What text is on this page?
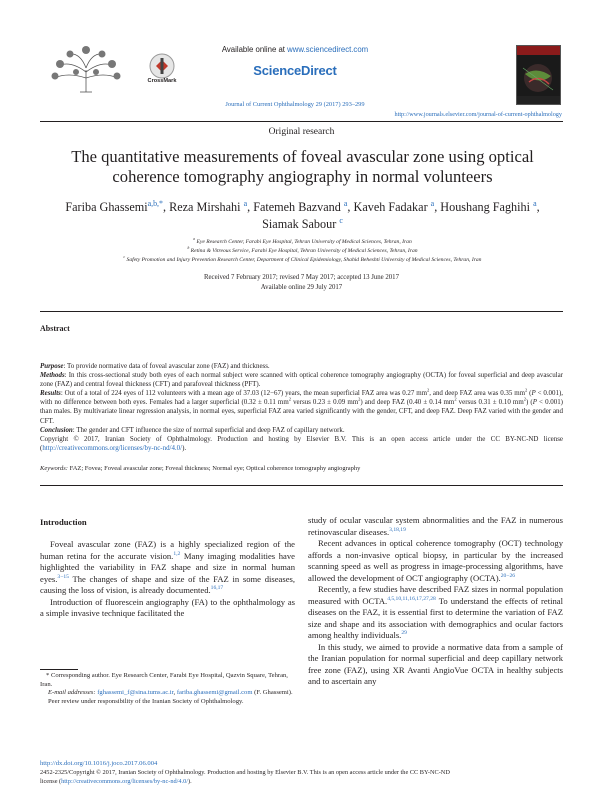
CrossMark
Available online at www.sciencedirect.com
ScienceDirect
Journal of Current Ophthalmology 29 (2017) 293–299
http://www.journals.elsevier.com/journal-of-current-ophthalmology
Original research
The quantitative measurements of foveal avascular zone using optical coherence tomography angiography in normal volunteers
Fariba Ghassemi$^{a,b,*}$, Reza Mirshahi $^a$, Fatemeh Bazvand $^a$, Kaveh Fadakar $^a$, Houshang Faghihi $^a$,
Siamak Sabour $^c$
$^a$ Eye Research Center, Farabi Eye Hospital, Tehran University of Medical Sciences, Tehran, Iran
$^b$ Retina & Vitreous Service, Farabi Eye Hospital, Tehran University of Medical Sciences, Tehran, Iran
$^c$ Safety Promotion and Injury Prevention Research Center, Department of Clinical Epidemiology, Shahid Beheshti University of Medical Sciences, Tehran, Iran
Received 7 February 2017; revised 7 May 2017; accepted 13 June 2017
Available online 29 July 2017
Abstract

Purpose: To provide normative data of foveal avascular zone (FAZ) and thickness.

Methods: In this cross-sectional study both eyes of each normal subject were scanned with optical coherence tomography angiography (OCTA) for foveal superficial and deep avascular zone (FAZ) and central foveal thickness (CFT) and parafoveal thickness (PFT).

Results: Out of a total of 224 eyes of 112 volunteers with a mean age of 37.03 (12−67) years, the mean superficial FAZ area was 0.27 $mm^2$, and deep FAZ area was 0.35 $mm^2$ (P < 0.001), with no difference between both eyes. Females had a larger superficial (0.32 ± 0.11 $mm^2$ versus 0.23 ± 0.09 $mm^2$) and deep FAZ (0.40 ± 0.14 $mm^2$ versus 0.31 ± 0.10 $mm^2$) (P < 0.001) than males. By multivariate linear regression analysis, in normal eyes, superficial FAZ area varied significantly with the gender, CFT, and deep FAZ. Deep FAZ varied with the gender and CFT.

Conclusion: The gender and CFT influence the size of normal superficial and deep FAZ of capillary network.

Copyright © 2017, Iranian Society of Ophthalmology. Production and hosting by Elsevier B.V. This is an open access article under the CC BY-NC-ND license (http://creativecommons.org/licenses/by-nc-nd/4.0/).

Keywords: FAZ; Fovea; Foveal avascular zone; Foveal thickness; Normal eye; Optical coherence tomography angiography
Introduction

Foveal avascular zone (FAZ) is a highly specialized region of the human retina for the accurate vision.$^{1,2}$ Many imaging modalities have highlighted the variability in FAZ shape and size in normal human eyes.$^{3-15}$ The changes of shape and size of the FAZ in some diseases, causing the loss of vision, is already documented.$^{16,17}$

Introduction of fluorescein angiography (FA) to the ophthalmology as a simple invasive technique facilitated the

* Corresponding author. Eye Research Center, Farabi Eye Hospital, Qazvin Square, Tehran, Iran.
E-mail addresses: fghassemi_f@sina.tums.ac.ir, fariba.ghassemi@gmail.com (F. Ghassemi).
Peer review under responsibility of the Iranian Society of Ophthalmology.

study of ocular vascular system abnormalities and the FAZ in numerous retinovascular diseases.$^{3,18,19}$

Recent advances in optical coherence tomography (OCT) technology affords a non-invasive optical biopsy, in particular by the increased scanning speed as well as progress in image-processing algorithms, have allowed the development of OCT angiography (OCTA).$^{20-26}$

Recently, a few studies have described FAZ sizes in normal population measured with OCTA.$^{4,5,10,11,16,17,27,28}$ To understand the effects of retinal diseases on the FAZ, it is essential first to determine the variation of FAZ size and shape and its association with demographics and ocular factors among healthy individuals.$^{29}$

In this study, we aimed to provide a normative data from a sample of the Iranian population for normal superficial and deep capillary network free zone (FAZ), using XR Avanti AngioVue OCTA in healthy subjects and to ascertain any

http://dx.doi.org/10.1016/j.joco.2017.06.004
2452-2325/Copyright © 2017, Iranian Society of Ophthalmology. Production and hosting by Elsevier B.V. This is an open access article under the CC BY-NC-ND
license (http://creativecommons.org/licenses/by-nc-nd/4.0/).
